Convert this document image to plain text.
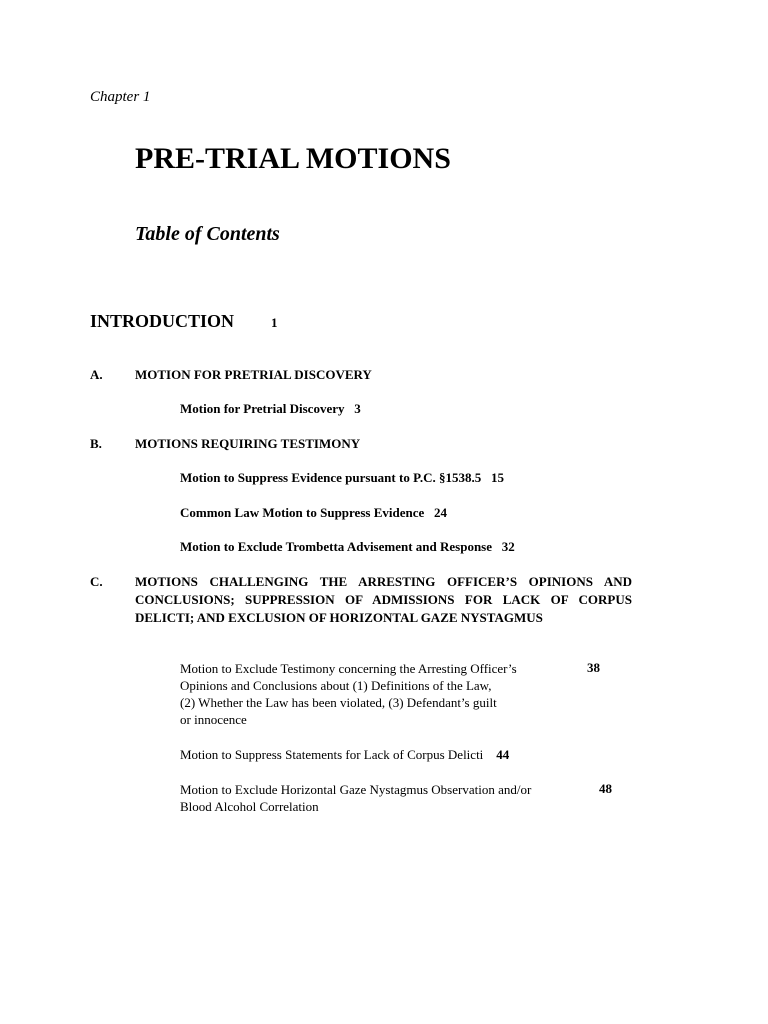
Chapter 1
PRE-TRIAL MOTIONS
Table of Contents
INTRODUCTION	1
A. MOTION FOR PRETRIAL DISCOVERY
Motion for Pretrial Discovery 3
B.	MOTIONS REQUIRING TESTIMONY
Motion to Suppress Evidence pursuant to P.C. §1538.5 15
Common Law Motion to Suppress Evidence 24
Motion to Exclude Trombetta Advisement and Response 32
C. MOTIONS CHALLENGING THE ARRESTING OFFICER’S OPINIONS AND CONCLUSIONS; SUPPRESSION OF ADMISSIONS FOR LACK OF CORPUS DELICTI; AND EXCLUSION OF HORIZONTAL GAZE NYSTAGMUS
Motion to Exclude Testimony concerning the Arresting Officer’s
Opinions and Conclusions about (1) Definitions of the Law,
(2) Whether the Law has been violated, (3) Defendant’s guilt
or innocence
38
Motion to Suppress Statements for Lack of Corpus Delicti 44
Motion to Exclude Horizontal Gaze Nystagmus Observation and/or
Blood Alcohol Correlation
48
